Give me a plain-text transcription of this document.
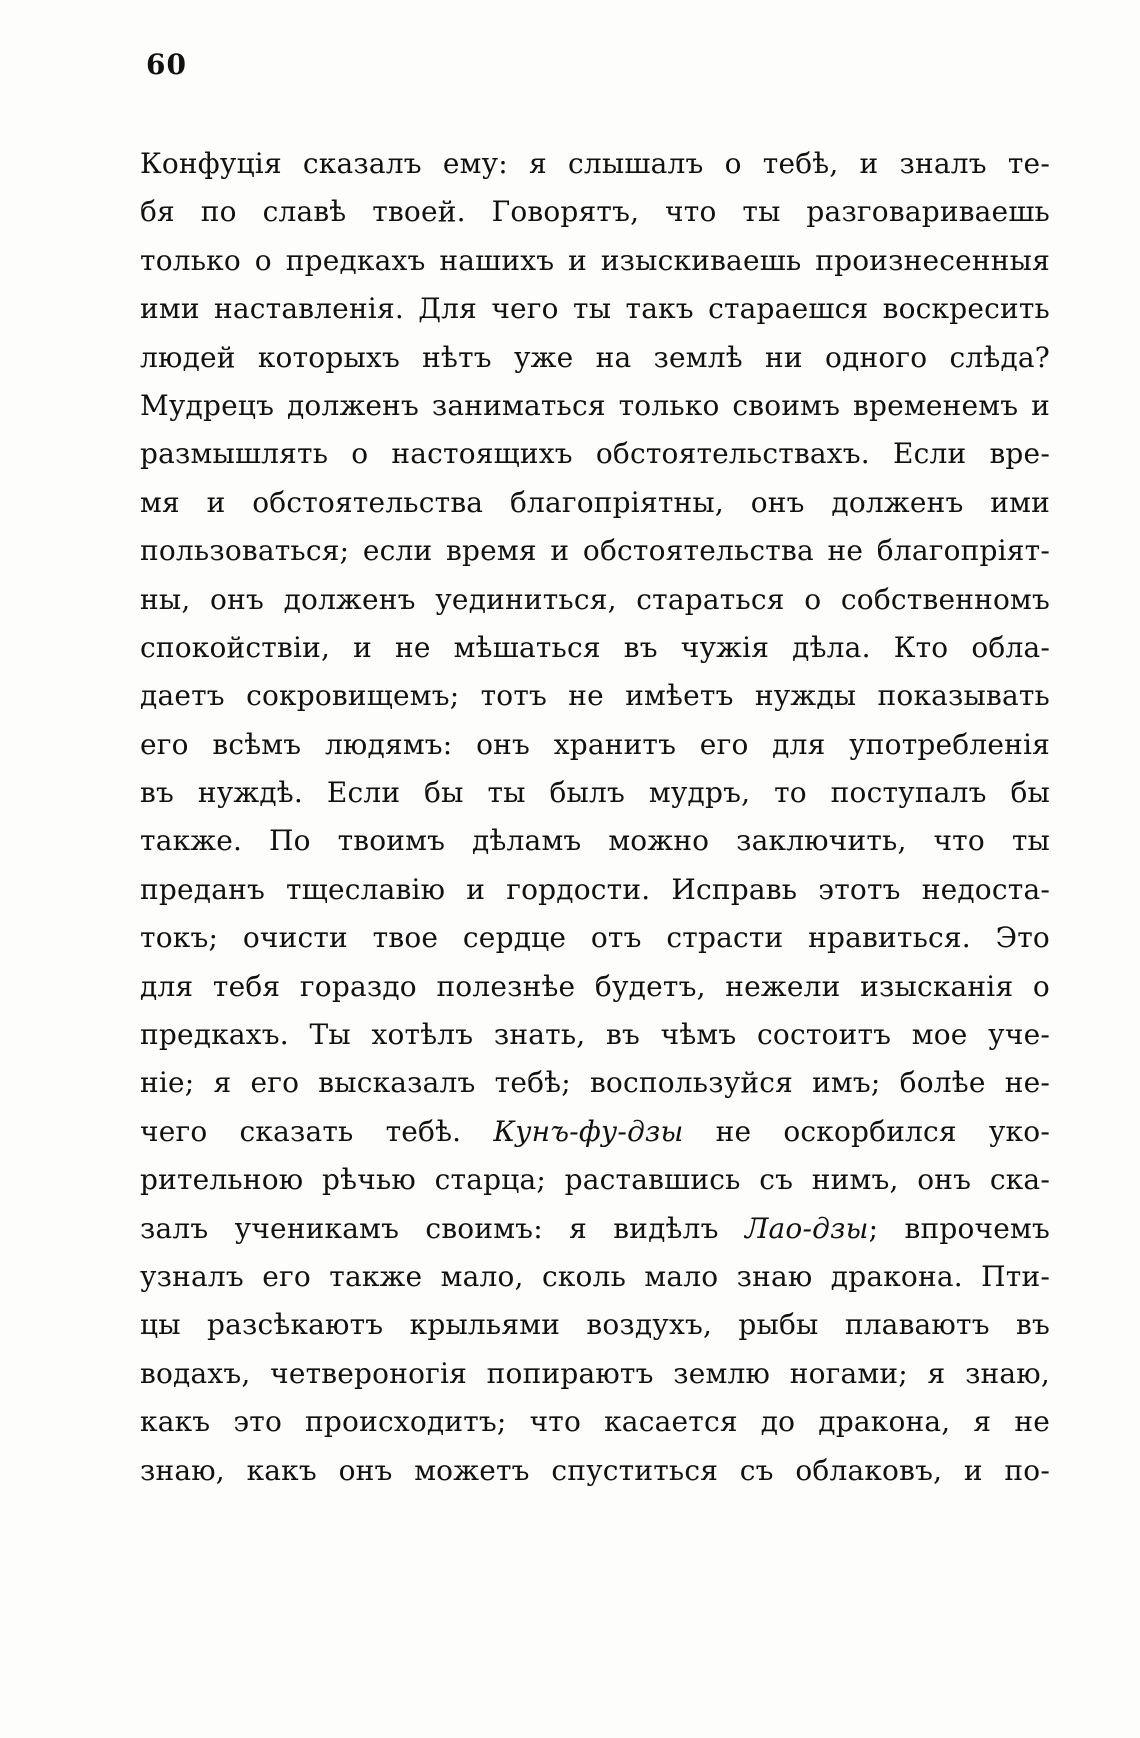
60
Конфуція сказалъ ему: я слышалъ о тебѣ, и зналъ те-
бя по славѣ твоей. Говорятъ, что ты разговариваешь
только о предкахъ нашихъ и изыскиваешь произнесенныя
ими наставленія. Для чего ты такъ стараешся воскресить
людей которыхъ нѣтъ уже на землѣ ни одного слѣда?
Мудрецъ долженъ заниматься только своимъ временемъ и
размышлять о настоящихъ обстоятельствахъ. Если вре-
мя и обстоятельства благопріятны, онъ долженъ ими
пользоваться; если время и обстоятельства не благопріят-
ны, онъ долженъ уединиться, стараться о собственномъ
спокойствіи, и не мѣшаться въ чужія дѣла. Кто обла-
даетъ сокровищемъ; тотъ не имѣетъ нужды показывать
его всѣмъ людямъ: онъ хранитъ его для употребленія
въ нуждѣ. Если бы ты былъ мудръ, то поступалъ бы
также. По твоимъ дѣламъ можно заключить, что ты
преданъ тщеславію и гордости. Исправь этотъ недоста-
токъ; очисти твое сердце отъ страсти нравиться. Это
для тебя гораздо полезнѣе будетъ, нежели изысканія о
предкахъ. Ты хотѣлъ знать, въ чѣмъ состоитъ мое уче-
ніе; я его высказалъ тебѣ; воспользуйся имъ; болѣе не-
чего сказать тебѣ. Кунъ-фу-дзы не оскорбился уко-
рительною рѣчью старца; раставшись съ нимъ, онъ ска-
залъ ученикамъ своимъ: я видѣлъ Лао-дзы; впрочемъ
узналъ его также мало, сколь мало знаю дракона. Пти-
цы разсѣкаютъ крыльями воздухъ, рыбы плаваютъ въ
водахъ, четвероногія попираютъ землю ногами; я знаю,
какъ это происходитъ; что касается до дракона, я не
знаю, какъ онъ можетъ спуститься съ облаковъ, и по-
